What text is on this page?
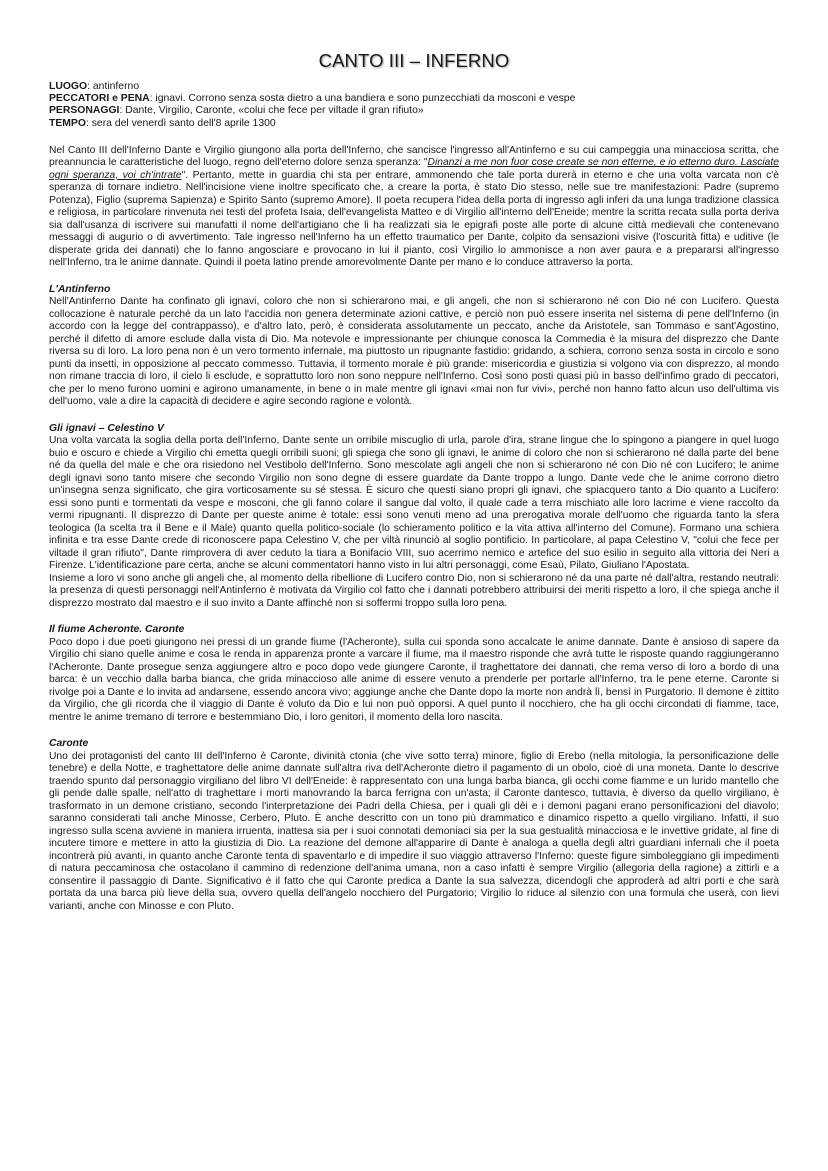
CANTO III – INFERNO
LUOGO: antinferno
PECCATORI e PENA: ignavi. Corrono senza sosta dietro a una bandiera e sono punzecchiati da mosconi e vespe
PERSONAGGI: Dante, Virgilio, Caronte, «colui che fece per viltade il gran rifiuto»
TEMPO: sera del venerdì santo dell'8 aprile 1300

Nel Canto III dell'Inferno Dante e Virgilio giungono alla porta dell'Inferno, che sancisce l'ingresso all'Antinferno e su cui campeggia una minacciosa scritta, che preannuncia le caratteristiche del luogo, regno dell'eterno dolore senza speranza: "Dinanzi a me non fuor cose create se non etterne, e io etterno duro. Lasciate ogni speranza, voi ch'intrate". Pertanto, mette in guardia chi sta per entrare, ammonendo che tale porta durerà in eterno e che una volta varcata non c'è speranza di tornare indietro. Nell'incisione viene inoltre specificato che, a creare la porta, è stato Dio stesso, nelle sue tre manifestazioni: Padre (supremo Potenza), Figlio (suprema Sapienza) e Spirito Santo (supremo Amore). Il poeta recupera l'idea della porta di ingresso agli inferi da una lunga tradizione classica e religiosa, in particolare rinvenuta nei testi del profeta Isaia, dell'evangelista Matteo e di Virgilio all'interno dell'Eneide; mentre la scritta recata sulla porta deriva sia dall'usanza di iscrivere sui manufatti il nome dell'artigiano che li ha realizzati sia le epigrafi poste alle porte di alcune città medievali che contenevano messaggi di augurio o di avvertimento. Tale ingresso nell'Inferno ha un effetto traumatico per Dante, colpito da sensazioni visive (l'oscurità fitta) e uditive (le disperate grida dei dannati) che lo fanno angosciare e provocano in lui il pianto, così Virgilio lo ammonisce a non aver paura e a prepararsi all'ingresso nell'Inferno, tra le anime dannate. Quindi il poeta latino prende amorevolmente Dante per mano e lo conduce attraverso la porta.

L'Antinferno

Nell'Antinferno Dante ha confinato gli ignavi, coloro che non si schierarono mai, e gli angeli, che non si schierarono né con Dio né con Lucifero. Questa collocazione è naturale perché da un lato l'accidia non genera determinate azioni cattive, e perciò non può essere inserita nel sistema di pene dell'Inferno (in accordo con la legge del contrappasso), e d'altro lato, però, è considerata assolutamente un peccato, anche da Aristotele, san Tommaso e sant'Agostino, perché il difetto di amore esclude dalla vista di Dio. Ma notevole e impressionante per chiunque conosca la Commedia è la misura del disprezzo che Dante riversa su di loro. La loro pena non è un vero tormento infernale, ma piuttosto un ripugnante fastidio: gridando, a schiera, corrono senza sosta in circolo e sono punti da insetti, in opposizione al peccato commesso. Tuttavia, il tormento morale è più grande: misericordia e giustizia si volgono via con disprezzo, al mondo non rimane traccia di loro, il cielo li esclude, e soprattutto loro non sono neppure nell'Inferno. Così sono posti quasi più in basso dell'infimo grado di peccatori, che per lo meno furono uomini e agirono umanamente, in bene o in male mentre gli ignavi «mai non fur vivi», perché non hanno fatto alcun uso dell'ultima vis dell'uomo, vale a dire la capacità di decidere e agire secondo ragione e volontà.

Gli ignavi – Celestino V

Una volta varcata la soglia della porta dell'Inferno, Dante sente un orribile miscuglio di urla, parole d'ira, strane lingue che lo spingono a piangere in quel luogo buio e oscuro e chiede a Virgilio chi emetta quegli orribili suoni; gli spiega che sono gli ignavi, le anime di coloro che non si schierarono né dalla parte del bene né da quella del male e che ora risiedono nel Vestibolo dell'Inferno. Sono mescolate agli angeli che non si schierarono né con Dio né con Lucifero; le anime degli ignavi sono tanto misere che secondo Virgilio non sono degne di essere guardate da Dante troppo a lungo. Dante vede che le anime corrono dietro un'insegna senza significato, che gira vorticosamente su sé stessa. È sicuro che questi siano propri gli ignavi, che spiacquero tanto a Dio quanto a Lucifero: essi sono punti e tormentati da vespe e mosconi, che gli fanno colare il sangue dal volto, il quale cade a terra mischiato alle loro lacrime e viene raccolto da vermi ripugnanti. Il disprezzo di Dante per queste anime è totale: essi sono venuti meno ad una prerogativa morale dell'uomo che riguarda tanto la sfera teologica (la scelta tra il Bene e il Male) quanto quella politico-sociale (lo schieramento politico e la vita attiva all'interno del Comune). Formano una schiera infinita e tra esse Dante crede di riconoscere papa Celestino V, che per viltà rinunciò al soglio pontificio. In particolare, al papa Celestino V, "colui che fece per viltade il gran rifiuto", Dante rimprovera di aver ceduto la tiara a Bonifacio VIII, suo acerrimo nemico e artefice del suo esilio in seguito alla vittoria dei Neri a Firenze. L'identificazione pare certa, anche se alcuni commentatori hanno visto in lui altri personaggi, come Esaù, Pilato, Giuliano l'Apostata.

Insieme a loro vi sono anche gli angeli che, al momento della ribellione di Lucifero contro Dio, non si schierarono né da una parte né dall'altra, restando neutrali: la presenza di questi personaggi nell'Antinferno è motivata da Virgilio col fatto che i dannati potrebbero attribuirsi dei meriti rispetto a loro, il che spiega anche il disprezzo mostrato dal maestro e il suo invito a Dante affinché non si soffermi troppo sulla loro pena.

Il fiume Acheronte. Caronte

Poco dopo i due poeti giungono nei pressi di un grande fiume (l'Acheronte), sulla cui sponda sono accalcate le anime dannate. Dante è ansioso di sapere da Virgilio chi siano quelle anime e cosa le renda in apparenza pronte a varcare il fiume, ma il maestro risponde che avrà tutte le risposte quando raggiungeranno l'Acheronte. Dante prosegue senza aggiungere altro e poco dopo vede giungere Caronte, il traghettatore dei dannati, che rema verso di loro a bordo di una barca: è un vecchio dalla barba bianca, che grida minaccioso alle anime di essere venuto a prenderle per portarle all'Inferno, tra le pene eterne. Caronte si rivolge poi a Dante e lo invita ad andarsene, essendo ancora vivo; aggiunge anche che Dante dopo la morte non andrà lì, bensì in Purgatorio. Il demone è zittito da Virgilio, che gli ricorda che il viaggio di Dante è voluto da Dio e lui non può opporsi. A quel punto il nocchiero, che ha gli occhi circondati di fiamme, tace, mentre le anime tremano di terrore e bestemmiano Dio, i loro genitori, il momento della loro nascita.

Caronte

Uno dei protagonisti del canto III dell'Inferno è Caronte, divinità ctonia (che vive sotto terra) minore, figlio di Erebo (nella mitologia, la personificazione delle tenebre) e della Notte, e traghettatore delle anime dannate sull'altra riva dell'Acheronte dietro il pagamento di un obolo, cioè di una moneta. Dante lo descrive traendo spunto dal personaggio virgiliano del libro VI dell'Eneide: è rappresentato con una lunga barba bianca, gli occhi come fiamme e un lurido mantello che gli pende dalle spalle, nell'atto di traghettare i morti manovrando la barca ferrigna con un'asta; il Caronte dantesco, tuttavia, è diverso da quello virgiliano, è trasformato in un demone cristiano, secondo l'interpretazione dei Padri della Chiesa, per i quali gli dèi e i demoni pagani erano personificazioni del diavolo; saranno considerati tali anche Minosse, Cerbero, Pluto. È anche descritto con un tono più drammatico e dinamico rispetto a quello virgiliano. Infatti, il suo ingresso sulla scena avviene in maniera irruenta, inattesa sia per i suoi connotati demoniaci sia per la sua gestualità minacciosa e le invettive gridate, al fine di incutere timore e mettere in atto la giustizia di Dio. La reazione del demone all'apparire di Dante è analoga a quella degli altri guardiani infernali che il poeta incontrerà più avanti, in quanto anche Caronte tenta di spaventarlo e di impedire il suo viaggio attraverso l'Inferno: queste figure simboleggiano gli impedimenti di natura peccaminosa che ostacolano il cammino di redenzione dell'anima umana, non a caso infatti è sempre Virgilio (allegoria della ragione) a zittirli e a consentire il passaggio di Dante. Significativo è il fatto che qui Caronte predica a Dante la sua salvezza, dicendogli che approderà ad altri porti e che sarà portata da una barca più lieve della sua, ovvero quella dell'angelo nocchiero del Purgatorio; Virgilio lo riduce al silenzio con una formula che userà, con lievi varianti, anche con Minosse e con Pluto.
